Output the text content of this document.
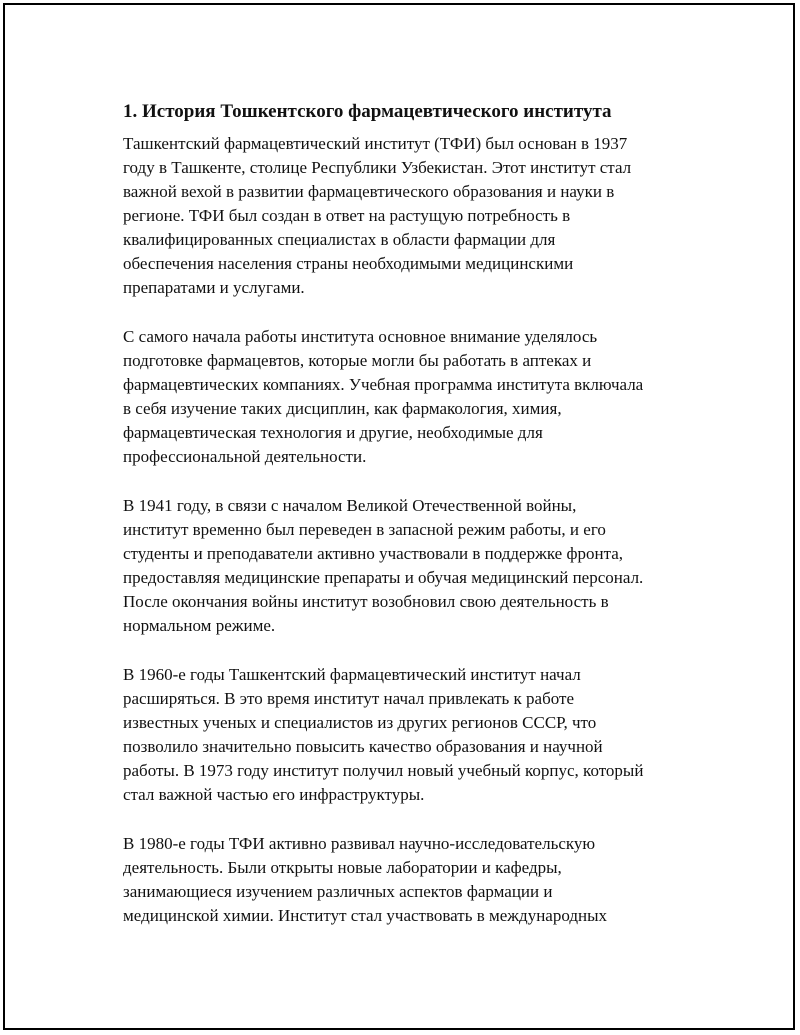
1. История Тошкентского фармацевтического института

Ташкентский фармацевтический институт (ТФИ) был основан в 1937
году в Ташкенте, столице Республики Узбекистан. Этот институт стал
важной вехой в развитии фармацевтического образования и науки в
регионе. ТФИ был создан в ответ на растущую потребность в
квалифицированных специалистах в области фармации для
обеспечения населения страны необходимыми медицинскими
препаратами и услугами.

С самого начала работы института основное внимание уделялось
подготовке фармацевтов, которые могли бы работать в аптеках и
фармацевтических компаниях. Учебная программа института включала
в себя изучение таких дисциплин, как фармакология, химия,
фармацевтическая технология и другие, необходимые для
профессиональной деятельности.

В 1941 году, в связи с началом Великой Отечественной войны,
институт временно был переведен в запасной режим работы, и его
студенты и преподаватели активно участвовали в поддержке фронта,
предоставляя медицинские препараты и обучая медицинский персонал.
После окончания войны институт возобновил свою деятельность в
нормальном режиме.

В 1960-е годы Ташкентский фармацевтический институт начал
расширяться. В это время институт начал привлекать к работе
известных ученых и специалистов из других регионов СССР, что
позволило значительно повысить качество образования и научной
работы. В 1973 году институт получил новый учебный корпус, который
стал важной частью его инфраструктуры.

В 1980-е годы ТФИ активно развивал научно-исследовательскую
деятельность. Были открыты новые лаборатории и кафедры,
занимающиеся изучением различных аспектов фармации и
медицинской химии. Институт стал участвовать в международных
